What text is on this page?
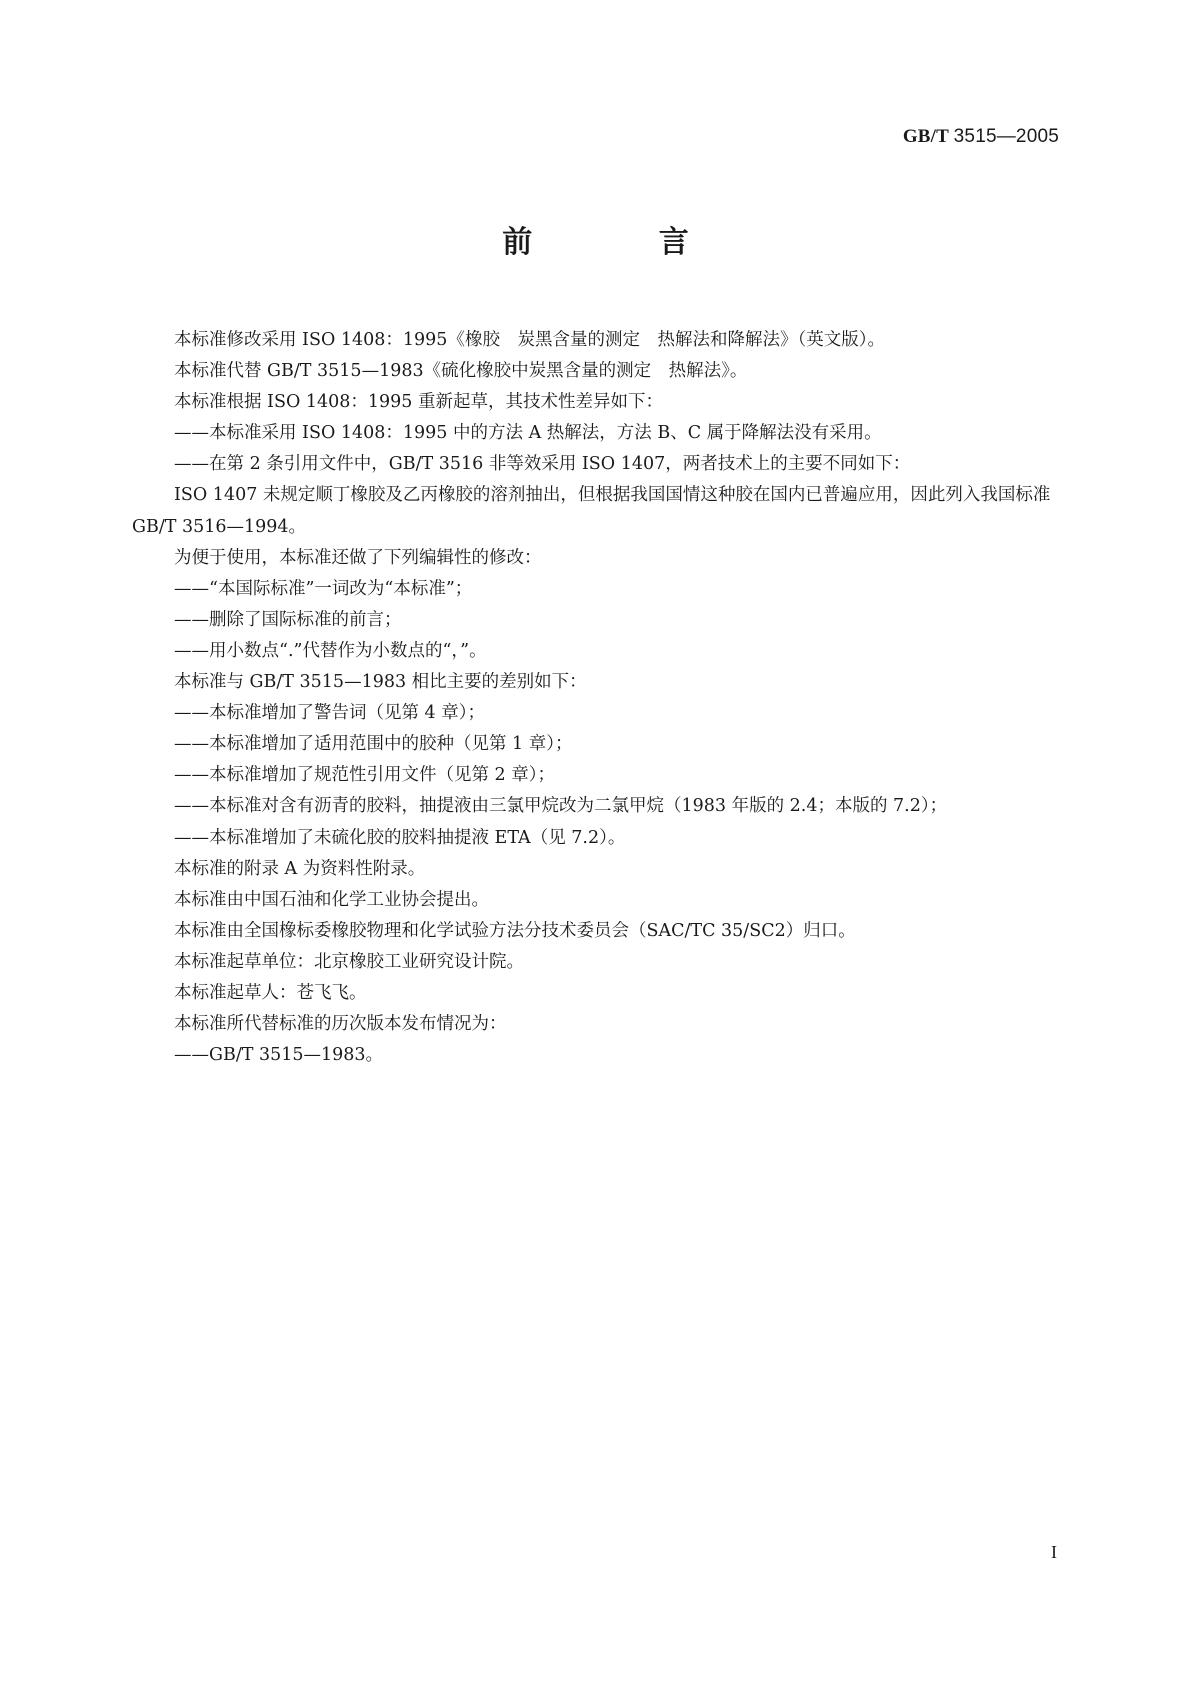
GB/T 3515—2005
前 言

本标准修改采用 ISO 1408：1995《橡胶　炭黑含量的测定　热解法和降解法》（英文版）。

本标准代替 GB/T 3515—1983《硫化橡胶中炭黑含量的测定　热解法》。

本标准根据 ISO 1408：1995 重新起草，其技术性差异如下：

——本标准采用 ISO 1408：1995 中的方法 A 热解法，方法 B、C 属于降解法没有采用。

——在第 2 条引用文件中，GB/T 3516 非等效采用 ISO 1407，两者技术上的主要不同如下：

ISO 1407 未规定顺丁橡胶及乙丙橡胶的溶剂抽出，但根据我国国情这种胶在国内已普遍应用，因此列入我国标准 GB/T 3516—1994。

为便于使用，本标准还做了下列编辑性的修改：

——“本国际标准”一词改为“本标准”；

——删除了国际标准的前言；

——用小数点“.”代替作为小数点的“，”。

本标准与 GB/T 3515—1983 相比主要的差别如下：

——本标准增加了警告词（见第 4 章）；

——本标准增加了适用范围中的胶种（见第 1 章）；

——本标准增加了规范性引用文件（见第 2 章）；

——本标准对含有沥青的胶料，抽提液由三氯甲烷改为二氯甲烷（1983 年版的 2.4；本版的 7.2）；

——本标准增加了未硫化胶的胶料抽提液 ETA（见 7.2）。

本标准的附录 A 为资料性附录。

本标准由中国石油和化学工业协会提出。

本标准由全国橡标委橡胶物理和化学试验方法分技术委员会（SAC/TC 35/SC2）归口。

本标准起草单位：北京橡胶工业研究设计院。

本标准起草人：苍飞飞。

本标准所代替标准的历次版本发布情况为：

——GB/T 3515—1983。

I
